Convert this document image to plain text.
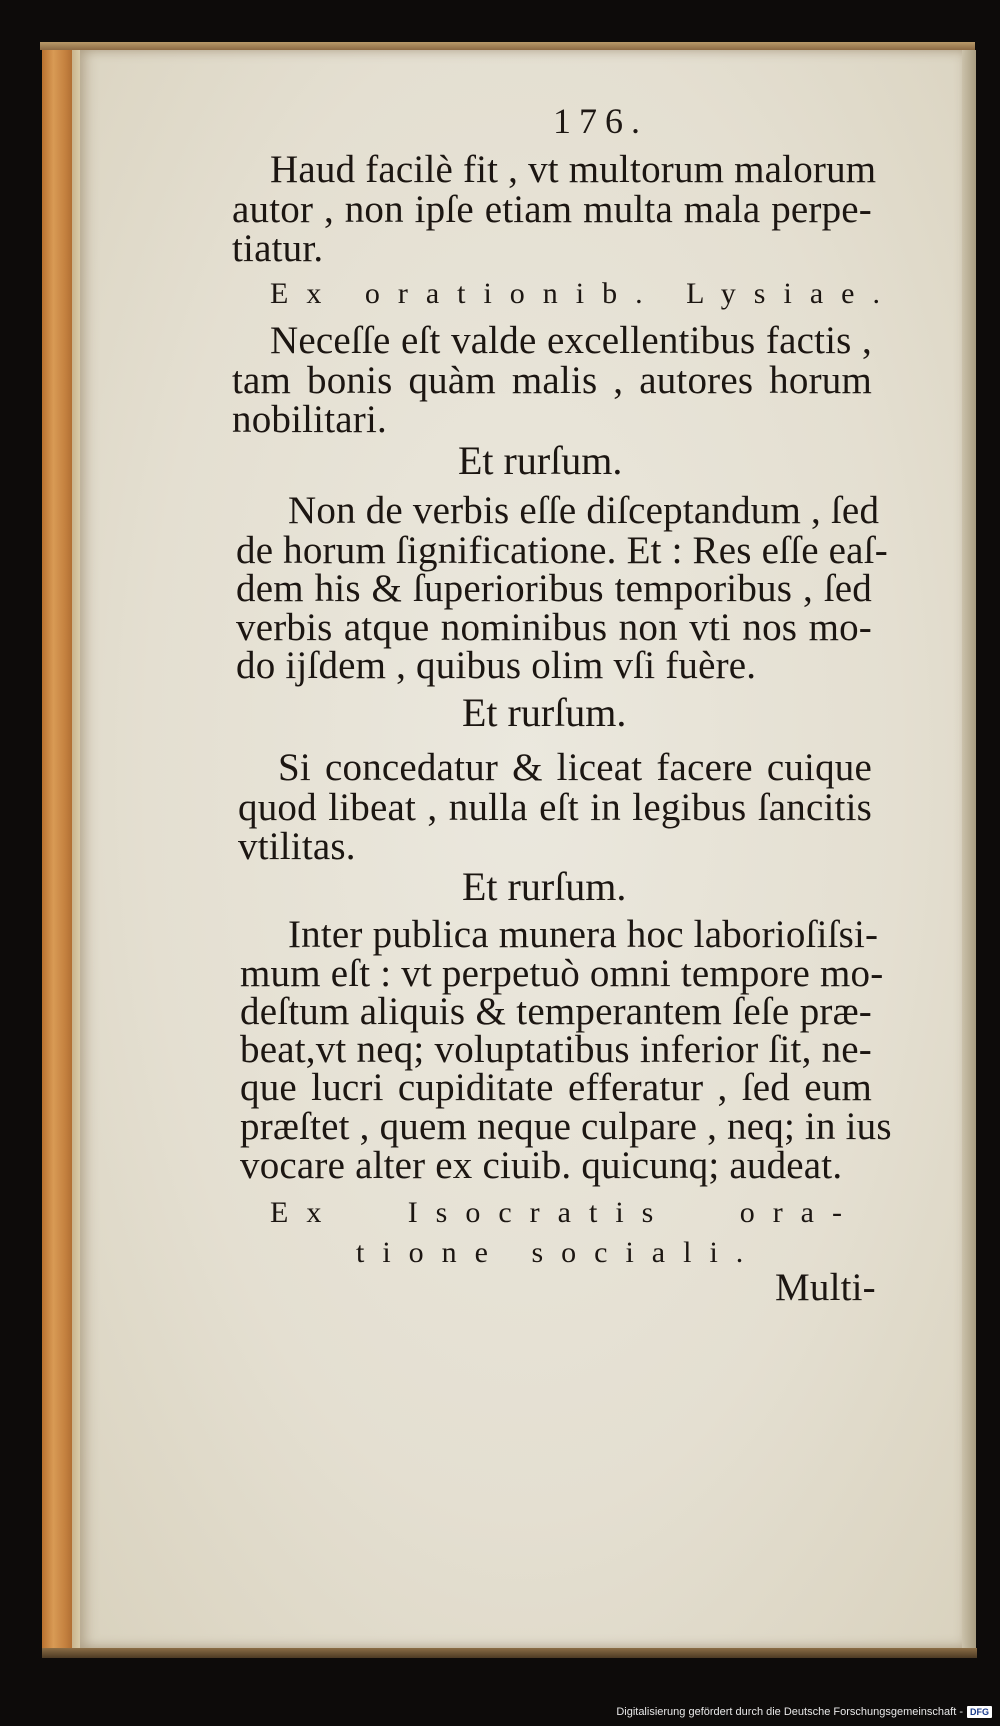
176.
Haud facilè fit , vt multorum malorum
autor , non ipſe etiam multa mala perpe-
tiatur.
Ex orationib. Lysiae.
Neceſſe eſt valde excellentibus factis ,
tam bonis quàm malis , autores horum
nobilitari.
Et rurſum.
Non de verbis eſſe diſceptandum , ſed
de horum ſignificatione. Et : Res eſſe eaſ-
dem his & ſuperioribus temporibus , ſed
verbis atque nominibus non vti nos mo-
do ijſdem , quibus olim vſi fuère.
Et rurſum.
Si concedatur & liceat facere cuique
quod libeat , nulla eſt in legibus ſancitis
vtilitas.
Et rurſum.
Inter publica munera hoc laborioſiſsi-
mum eſt : vt perpetuò omni tempore mo-
deſtum aliquis & temperantem ſeſe præ-
beat,vt neq; voluptatibus inferior ſit, ne-
que lucri cupiditate efferatur , ſed eum
præſtet , quem neque culpare , neq; in ius
vocare alter ex ciuib. quicunq; audeat.
Ex Isocratis ora-
tione sociali.
Multi-
Digitalisierung gefördert durch die Deutsche Forschungsgemeinschaft - DFG
